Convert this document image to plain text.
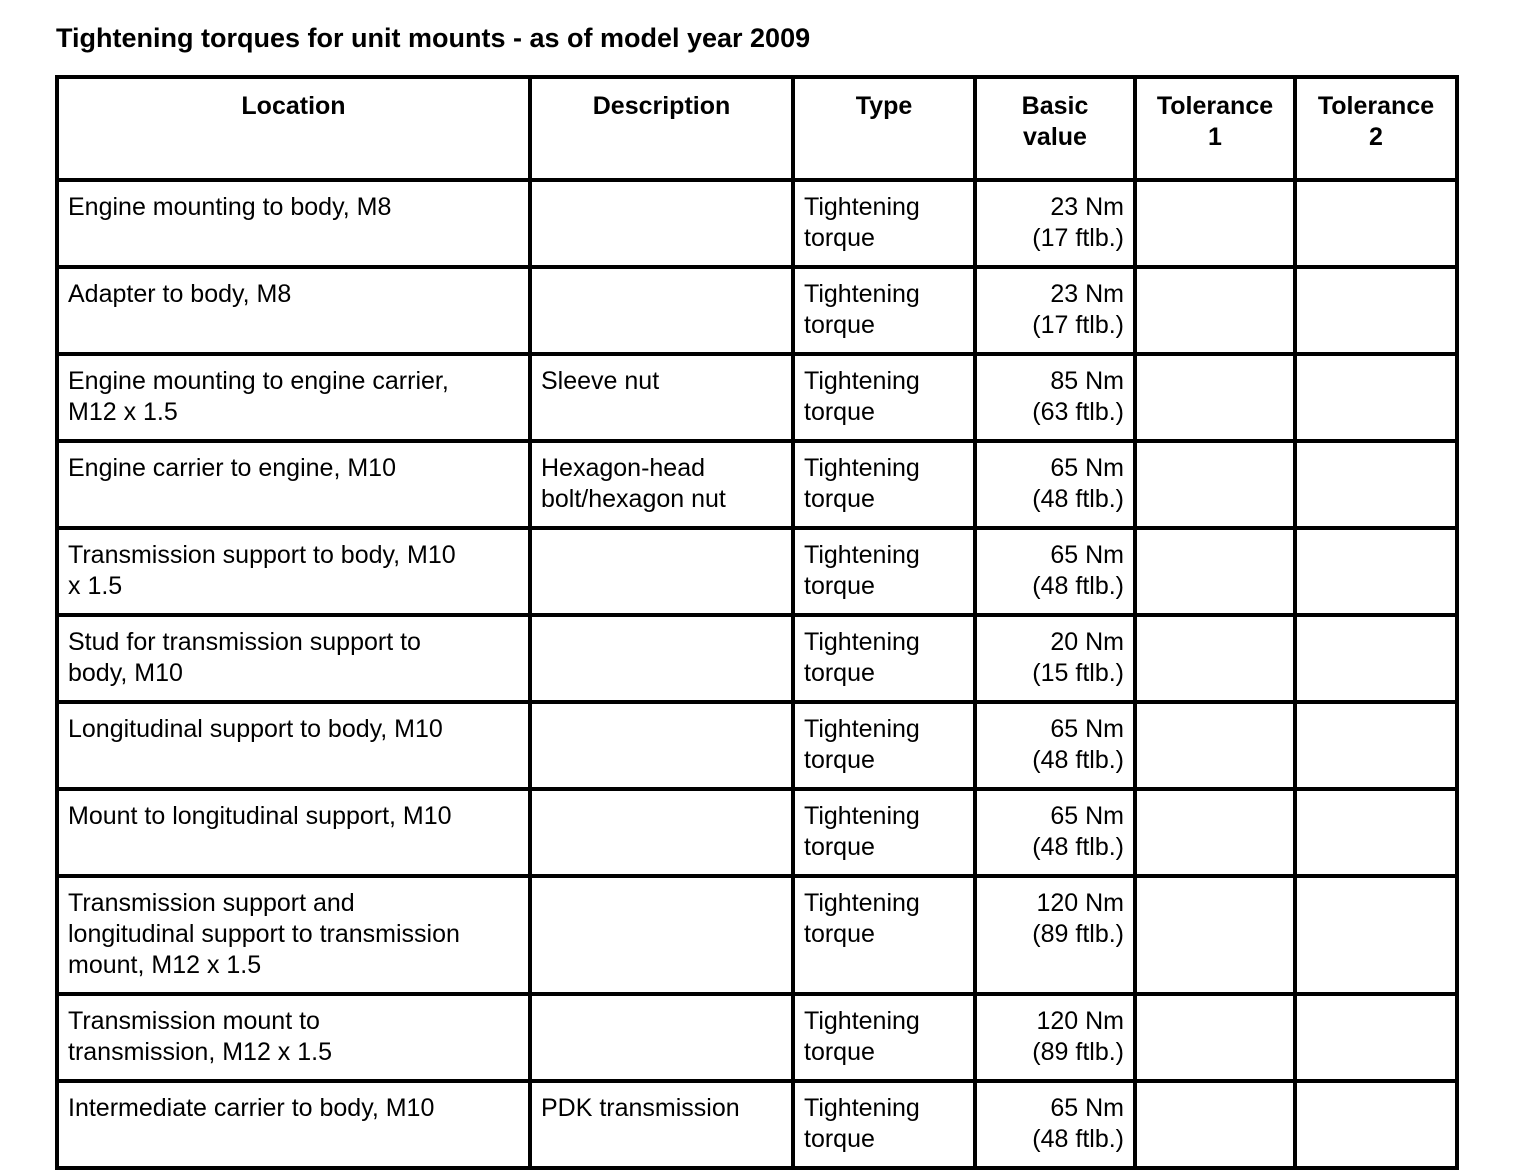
Tightening torques for unit mounts - as of model year 2009
Location	Description	Type	Basic
value	Tolerance
1	Tolerance
2

Engine mounting to body, M8		Tightening
torque	23 Nm
(17 ftlb.)		

Adapter to body, M8		Tightening
torque	23 Nm
(17 ftlb.)		

Engine mounting to engine carrier,
M12 x 1.5	Sleeve nut	Tightening
torque	85 Nm
(63 ftlb.)		

Engine carrier to engine, M10	Hexagon-head
bolt/hexagon nut	Tightening
torque	65 Nm
(48 ftlb.)		

Transmission support to body, M10
x 1.5		Tightening
torque	65 Nm
(48 ftlb.)		

Stud for transmission support to
body, M10		Tightening
torque	20 Nm
(15 ftlb.)		

Longitudinal support to body, M10		Tightening
torque	65 Nm
(48 ftlb.)		

Mount to longitudinal support, M10		Tightening
torque	65 Nm
(48 ftlb.)		

Transmission support and
longitudinal support to transmission
mount, M12 x 1.5		Tightening
torque	120 Nm
(89 ftlb.)		

Transmission mount to
transmission, M12 x 1.5		Tightening
torque	120 Nm
(89 ftlb.)		

Intermediate carrier to body, M10	PDK transmission	Tightening
torque	65 Nm
(48 ftlb.)		
